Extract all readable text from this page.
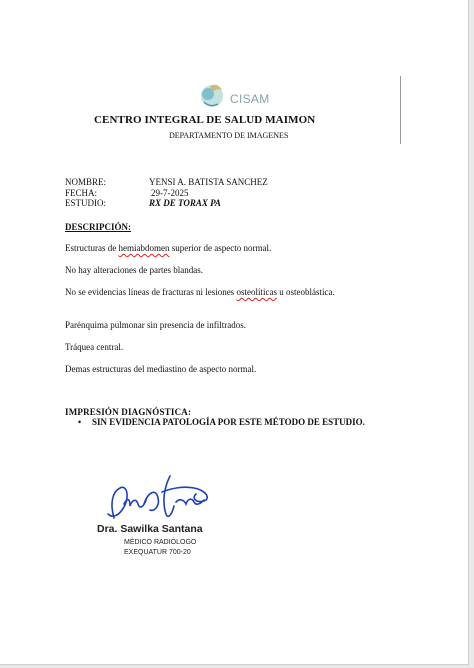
CISAM
CENTRO INTEGRAL DE SALUD MAIMON
DEPARTAMENTO DE IMAGENES
NOMBRE:	YENSI A. BATISTA SANCHEZ
FECHA:	29-7-2025
ESTUDIO:	RX DE TORAX PA
DESCRIPCIÓN:
Estructuras de hemiabdomen superior de aspecto normal.
No hay alteraciones de partes blandas.
No se evidencias líneas de fracturas ni lesiones osteolíticas u osteoblástica.
Parénquima pulmonar sin presencia de infiltrados.
Tráquea central.
Demas estructuras del mediastino de aspecto normal.
IMPRESIÓN DIAGNÓSTICA:
• SIN EVIDENCIA PATOLOGÍA POR ESTE MÉTODO DE ESTUDIO.
Dra. Sawilka Santana
MÉDICO RADIÓLOGO
EXEQUATUR 700-20
